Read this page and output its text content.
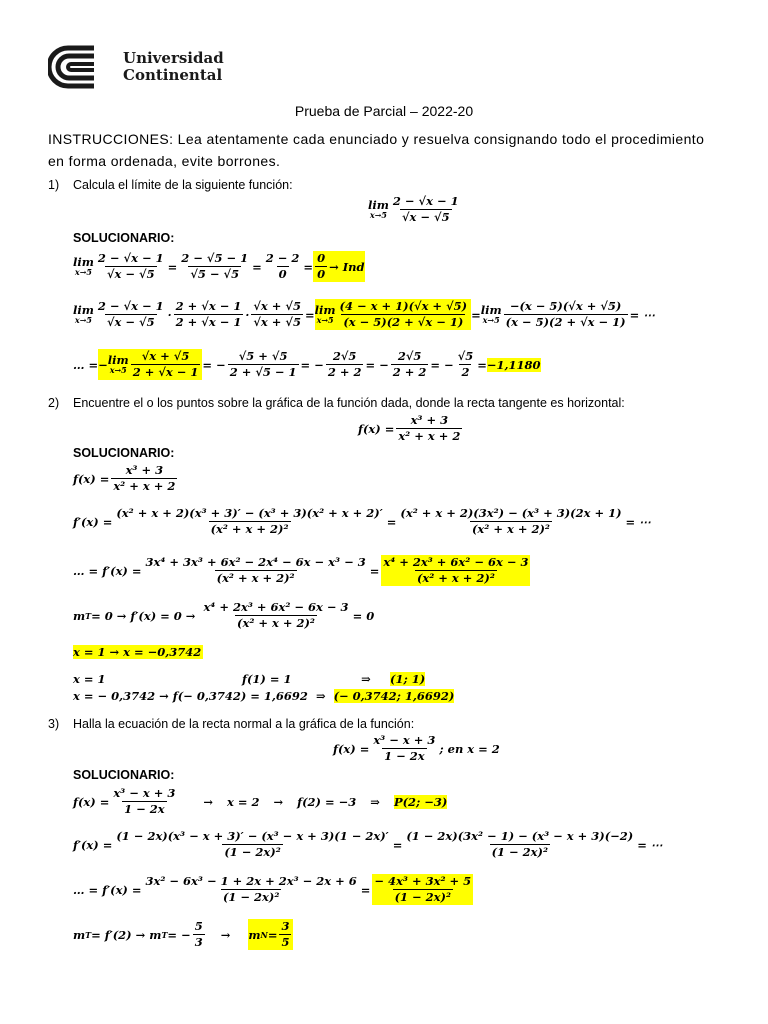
Universidad
Continental
Prueba de Parcial – 2022-20
INSTRUCCIONES: Lea atentamente cada enunciado y resuelva consignando todo el procedimiento
en forma ordenada, evite borrones.
1) Calcula el límite de la siguiente función:
lim
$x\to 5 \frac{2 - √x - 1}{√x - √5}$
SOLUCIONARIO:
lim
$x\to 5 \frac{2 - √x - 1}{√x - √5} = \frac{2 - √5 - 1}{√5 - √5} = \frac{2 - 2}{0} = \frac{0}{0}$ → Ind
lim
$x\to 5 \frac{2 - √x - 1}{√x - √5} \cdot \frac{2 + √x - 1}{2 + √x - 1} \cdot \frac{√x + √5}{√x + √5} = \lim$
$x\to 5 \frac{(4 - x + 1)(√x + √5)}{(x - 5)(2 + √x - 1)} = \lim$
$x\to 5 \frac{-(x - 5)(√x + √5)}{(x - 5)(2 + √x - 1)}$ = ⋯
… = − lim
$x\to 5 \frac{√x + √5}{2 + √x - 1}$ = − $\frac{√5 + √5}{2 + √5 - 1}$ = − $\frac{2√5}{2 + 2}$ = − $\frac{2√5}{2 + 2}$ = − $\frac{√5}{2} = -1,1180$
2) Encuentre el o los puntos sobre la gráfica de la función dada, donde la recta tangente es horizontal:
$f(x) = \frac{\text{x³ + 3}}{\text{x² + x + 2}}$
SOLUCIONARIO:
$f(x) = \frac{\text{x³ + 3}}{\text{x² + x + 2}}$
$f'(x) = \frac{\text{(x² + x + 2)(x³ + 3)′ − (x³ + 3)(x² + x + 2)′}}{\text{(x² + x + 2)²}} = \frac{\text{(x² + x + 2)(3x²) − (x³ + 3)(2x + 1)}}{\text{(x² + x + 2)²}}$ = ⋯
… = $f'(x) = \frac{\text{3x⁴ + 3x³ + 6x² − 2x⁴ − 6x − x³ − 3}}{\text{(x² + x + 2)²}} = \frac{\text{x⁴ + 2x³ + 6x² − 6x − 3}}{\text{(x² + x + 2)²}}$
m $T = 0 \to f'(x) = 0 \to \frac{\text{x⁴ + 2x³ + 6x² − 6x − 3}}{\text{(x² + x + 2)²}} = 0$
x = 1 → x = −0,3742
x = 1	f(1) = 1	⇒	(1; 1)
x = − 0,3742
→
f(− 0,3742) = 1,6692 ⇒ (− 0,3742; 1,6692)
3) Halla la ecuación de la recta normal a la gráfica de la función:
$f(x) = \frac{\text{x³ − x + 3}}{1 - 2x}$ ; en x = 2
SOLUCIONARIO:
$f(x) = \frac{\text{x³ − x + 3}}{1 - 2x} \to x = 2 \to f(2) = -3$ ⇒ P(2; −3)
$f'(x) = \frac{\text{(1 − 2x)(x³ − x + 3)′ − (x³ − x + 3)(1 − 2x)′}}{\text{(1 − 2x)²}} = \frac{\text{(1 − 2x)(3x² − 1) − (x³ − x + 3)(−2)}}{\text{(1 − 2x)²}}$ = ⋯
… = $f'(x) = \frac{\text{3x² − 6x³ − 1 + 2x + 2x³ − 2x + 6}}{\text{(1 − 2x)²}} = \frac{\text{− 4x³ + 3x² + 5}}{\text{(1 − 2x)²}}$
m T = f′(2)
→
m T = − $\frac{5}{3} \to m$ $N = \frac{3}{5}$
